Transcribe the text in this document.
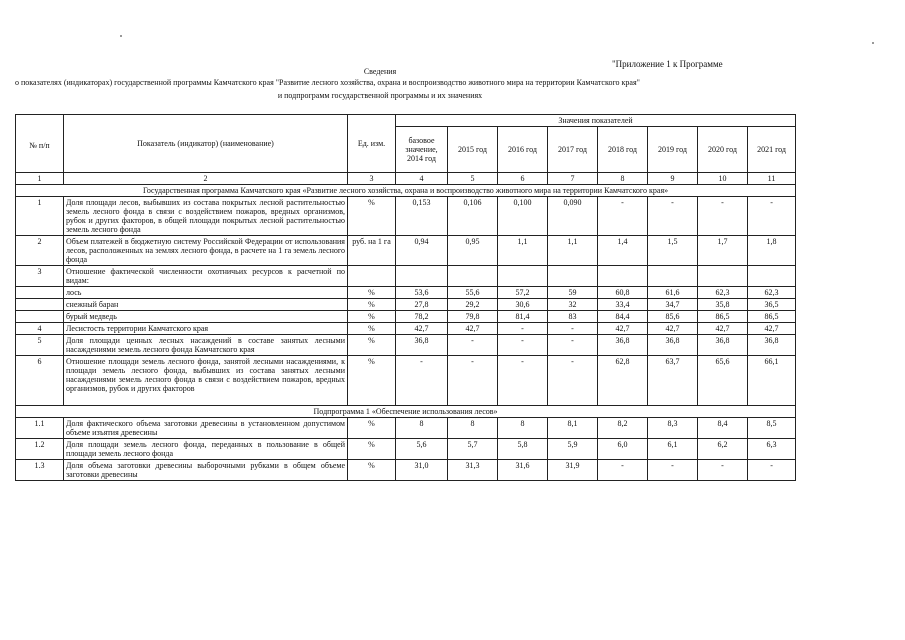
"Приложение 1 к Программе
Сведения
о показателях (индикаторах) государственной программы Камчатского края "Развитие лесного хозяйства, охрана и воспроизводство животного мира на территории Камчатского края"
и подпрограмм государственной программы и их значениях
№ п/п	Показатель (индикатор) (наименование)	Ед. изм.	Значения показателей							
			базовое значение, 2014 год	2015 год	2016 год	2017 год	2018 год	2019 год	2020 год	2021 год
1	2	3	4	5	6	7	8	9	10	11
Государственная программа Камчатского края «Развитие лесного хозяйства, охрана и воспроизводство животного мира на территории Камчатского края»										
1	Доля площади лесов, выбывших из состава покрытых лесной растительностью земель лесного фонда в связи с воздействием пожаров, вредных организмов, рубок и других факторов, в общей площади покрытых лесной растительностью земель лесного фонда	%	0,153	0,106	0,100	0,090	-	-	-	-
2	Объем платежей в бюджетную систему Российской Федерации от использования лесов, расположенных на землях лесного фонда, в расчете на 1 га земель лесного фонда	руб. на 1 га	0,94	0,95	1,1	1,1	1,4	1,5	1,7	1,8
3	Отношение фактической численности охотничьих ресурсов к расчетной по видам:									
	лось	%	53,6	55,6	57,2	59	60,8	61,6	62,3	62,3
	снежный баран	%	27,8	29,2	30,6	32	33,4	34,7	35,8	36,5
	бурый медведь	%	78,2	79,8	81,4	83	84,4	85,6	86,5	86,5
4	Лесистость территории Камчатского края	%	42,7	42,7	-	-	42,7	42,7	42,7	42,7
5	Доля площади ценных лесных насаждений в составе занятых лесными насаждениями земель лесного фонда Камчатского края	%	36,8	-	-	-	36,8	36,8	36,8	36,8
6	Отношение площади земель лесного фонда, занятой лесными насаждениями, к площади земель лесного фонда, выбывших из состава занятых лесными насаждениями земель лесного фонда в связи с воздействием пожаров, вредных организмов, рубок и других факторов	%	-	-	-	-	62,8	63,7	65,6	66,1
Подпрограмма 1 «Обеспечение использования лесов»										
1.1	Доля фактического объема заготовки древесины в установленном допустимом объеме изъятия древесины	%	8	8	8	8,1	8,2	8,3	8,4	8,5
1.2	Доля площади земель лесного фонда, переданных в пользование в общей площади земель лесного фонда	%	5,6	5,7	5,8	5,9	6,0	6,1	6,2	6,3
1.3	Доля объема заготовки древесины выборочными рубками в общем объеме заготовки древесины	%	31,0	31,3	31,6	31,9	-	-	-	-
